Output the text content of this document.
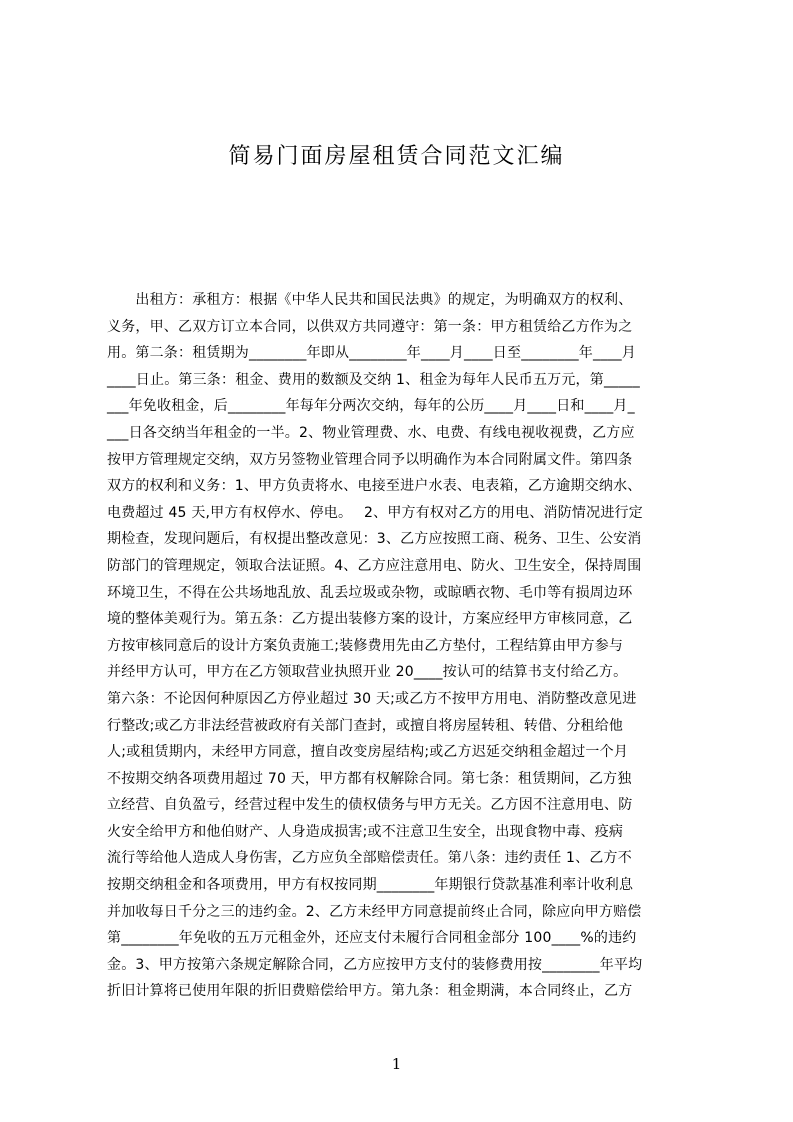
简易门面房屋租赁合同范文汇编
　　出租方：承租方：根据《中华人民共和国民法典》的规定，为明确双方的权利、
义务，甲、乙双方订立本合同，以供双方共同遵守：第一条：甲方租赁给乙方作为之
用。第二条：租赁期为________年即从________年____月____日至________年____月
____日止。第三条：租金、费用的数额及交纳 1、租金为每年人民币五万元，第_____
___年免收租金，后________年每年分两次交纳，每年的公历____月____日和____月_
___日各交纳当年租金的一半。2、物业管理费、水、电费、有线电视收视费，乙方应
按甲方管理规定交纳，双方另签物业管理合同予以明确作为本合同附属文件。第四条
双方的权利和义务：1、甲方负责将水、电接至进户水表、电表箱，乙方逾期交纳水、
电费超过 45 天,甲方有权停水、停电。　 2、甲方有权对乙方的用电、消防情况进行定
期检查，发现问题后，有权提出整改意见：3、乙方应按照工商、税务、卫生、公安消
防部门的管理规定，领取合法证照。4、乙方应注意用电、防火、卫生安全，保持周围
环境卫生，不得在公共场地乱放、乱丢垃圾或杂物，或晾晒衣物、毛巾等有损周边环
境的整体美观行为。第五条：乙方提出装修方案的设计，方案应经甲方审核同意，乙
方按审核同意后的设计方案负责施工;装修费用先由乙方垫付，工程结算由甲方参与
并经甲方认可，甲方在乙方领取营业执照开业 20____按认可的结算书支付给乙方。
第六条：不论因何种原因乙方停业超过 30 天;或乙方不按甲方用电、消防整改意见进
行整改;或乙方非法经营被政府有关部门查封，或擅自将房屋转租、转借、分租给他
人;或租赁期内，未经甲方同意，擅自改变房屋结构;或乙方迟延交纳租金超过一个月
不按期交纳各项费用超过 70 天，甲方都有权解除合同。第七条：租赁期间，乙方独
立经营、自负盈亏，经营过程中发生的债权债务与甲方无关。乙方因不注意用电、防
火安全给甲方和他伯财产、人身造成损害;或不注意卫生安全，出现食物中毒、疫病
流行等给他人造成人身伤害，乙方应负全部赔偿责任。第八条：违约责任 1、乙方不
按期交纳租金和各项费用，甲方有权按同期________年期银行贷款基准利率计收利息
并加收每日千分之三的违约金。2、乙方未经甲方同意提前终止合同，除应向甲方赔偿
第________年免收的五万元租金外，还应支付未履行合同租金部分 100____%的违约
金。3、甲方按第六条规定解除合同，乙方应按甲方支付的装修费用按________年平均
折旧计算将已使用年限的折旧费赔偿给甲方。第九条：租金期满，本合同终止，乙方
1
